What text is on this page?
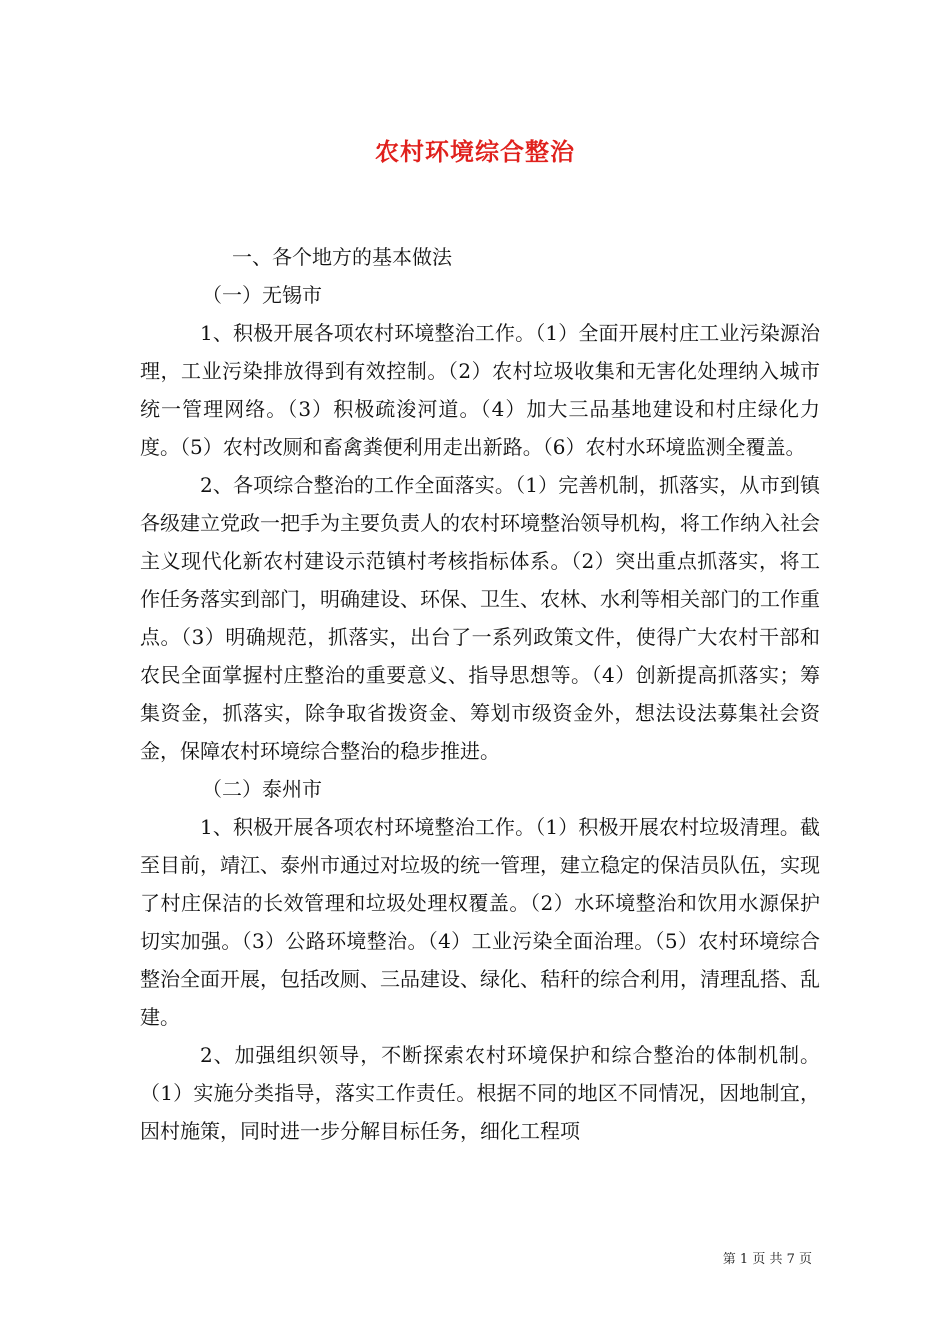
农村环境综合整治

一、各个地方的基本做法

（一）无锡市

1、积极开展各项农村环境整治工作。（1）全面开展村庄工业污染源治理，工业污染排放得到有效控制。（2）农村垃圾收集和无害化处理纳入城市统一管理网络。（3）积极疏浚河道。（4）加大三品基地建设和村庄绿化力度。（5）农村改厕和畜禽粪便利用走出新路。（6）农村水环境监测全覆盖。

2、各项综合整治的工作全面落实。（1）完善机制，抓落实，从市到镇各级建立党政一把手为主要负责人的农村环境整治领导机构，将工作纳入社会主义现代化新农村建设示范镇村考核指标体系。（2）突出重点抓落实，将工作任务落实到部门，明确建设、环保、卫生、农林、水利等相关部门的工作重点。（3）明确规范，抓落实，出台了一系列政策文件，使得广大农村干部和农民全面掌握村庄整治的重要意义、指导思想等。（4）创新提高抓落实；筹集资金，抓落实，除争取省拨资金、筹划市级资金外，想法设法募集社会资金，保障农村环境综合整治的稳步推进。

（二）泰州市

1、积极开展各项农村环境整治工作。（1）积极开展农村垃圾清理。截至目前，靖江、泰州市通过对垃圾的统一管理，建立稳定的保洁员队伍，实现了村庄保洁的长效管理和垃圾处理权覆盖。（2）水环境整治和饮用水源保护切实加强。（3）公路环境整治。（4）工业污染全面治理。（5）农村环境综合整治全面开展，包括改厕、三品建设、绿化、秸秆的综合利用，清理乱搭、乱建。

2、加强组织领导，不断探索农村环境保护和综合整治的体制机制。（1）实施分类指导，落实工作责任。根据不同的地区不同情况，因地制宜，因村施策，同时进一步分解目标任务，细化工程项

第 1 页 共 7 页
